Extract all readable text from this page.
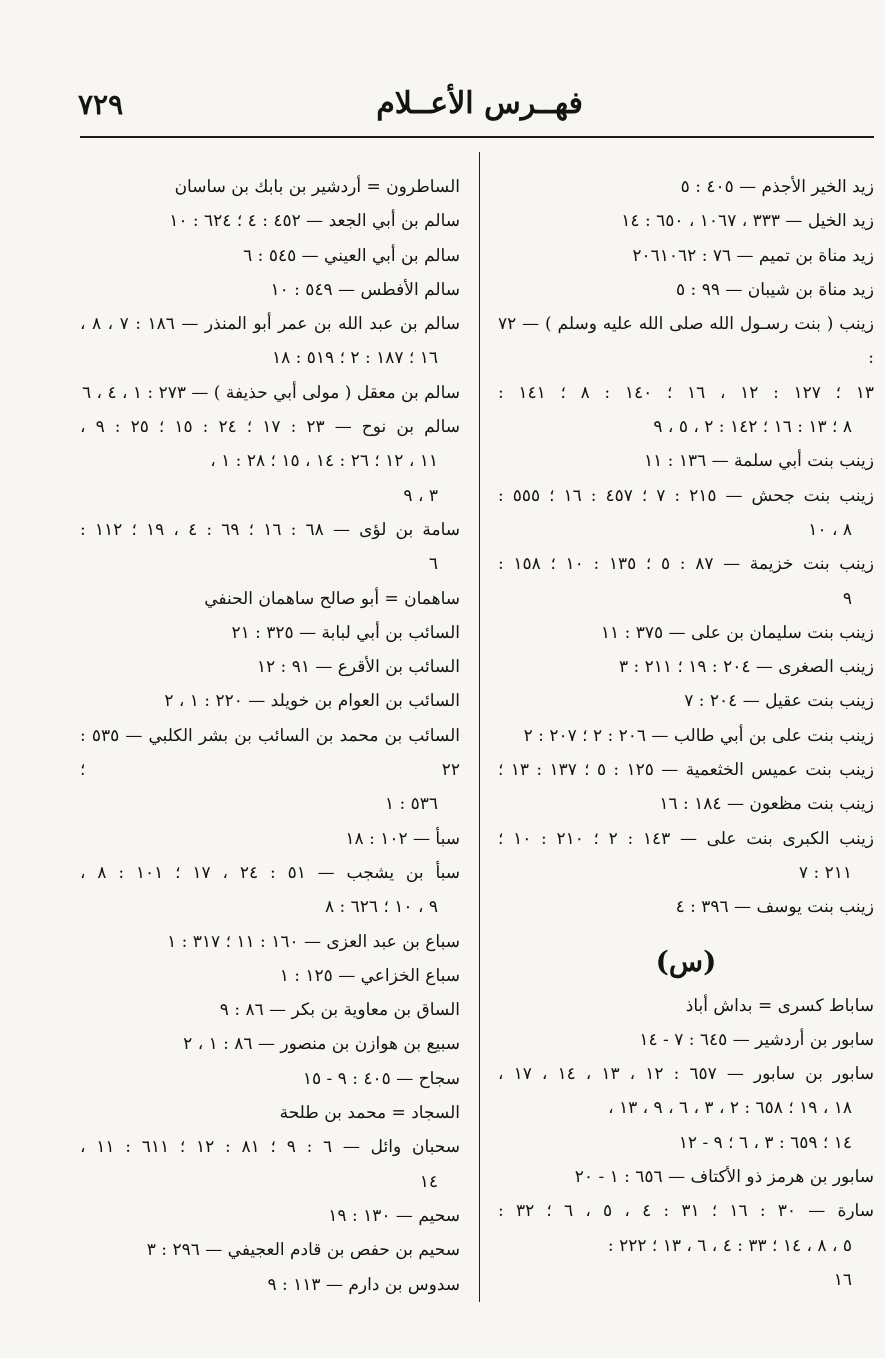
فهــرس الأعــلام
٧٢٩
زيد الخير الأجذم — ٤٠٥ : ٥
زيد الخيل — ٣٣٣ ، ١٠٦٧ ، ٦٥٠ : ١٤
زيد مناة بن تميم — ٧٦ : ٢٠٦١٠٦٢
زيد مناة بن شيبان — ٩٩ : ٥
زينب ( بنت رسـول الله صلى الله عليه وسلم ) — ٧٢ :
١٣ ؛ ١٢٧ : ١٢ ، ١٦ ؛ ١٤٠ : ٨ ؛ ١٤١ :
٨ ؛ ١٣ : ١٦ ؛ ١٤٢ : ٢ ، ٥ ، ٩
زينب بنت أبي سلمة — ١٣٦ : ١١
زينب بنت جحش — ٢١٥ : ٧ ؛ ٤٥٧ : ١٦ ؛ ٥٥٥ :
٨ ، ١٠
زينب بنت خزيمة — ٨٧ : ٥ ؛ ١٣٥ : ١٠ ؛ ١٥٨ :
٩
زينب بنت سليمان بن على — ٣٧٥ : ١١
زينب الصغرى — ٢٠٤ : ١٩ ؛ ٢١١ : ٣
زينب بنت عقيل — ٢٠٤ : ٧
زينب بنت على بن أبي طالب — ٢٠٦ : ٢ ؛ ٢٠٧ : ٢
زينب بنت عميس الخثعمية — ١٢٥ : ٥ ؛ ١٣٧ : ١٣ ؛
زينب بنت مظعون — ١٨٤ : ١٦
زينب الكبرى بنت على — ١٤٣ : ٢ ؛ ٢١٠ : ١٠ ؛
٢١١ : ٧
زينب بنت يوسف — ٣٩٦ : ٤
(س)
ساباط كسرى = بداش أباذ
سابور بن أردشير — ٦٤٥ : ٧ - ١٤
سابور بن سابور — ٦٥٧ : ١٢ ، ١٣ ، ١٤ ، ١٧ ،
١٨ ، ١٩ ؛ ٦٥٨ : ٢ ، ٣ ، ٦ ، ٩ ، ١٣ ،
١٤ ؛ ٦٥٩ : ٣ ، ٦ ؛ ٩ - ١٢
سابور بن هرمز ذو الأكتاف — ٦٥٦ : ١ - ٢٠
سارة — ٣٠ : ١٦ ؛ ٣١ : ٤ ، ٥ ، ٦ ؛ ٣٢ :
٥ ، ٨ ، ١٤ ؛ ٣٣ : ٤ ، ٦ ، ١٣ ؛ ٢٢٢ :
١٦
الساطرون = أردشير بن بابك بن ساسان
سالم بن أبي الجعد — ٤٥٢ : ٤ ؛ ٦٢٤ : ١٠
سالم بن أبي العيني — ٥٤٥ : ٦
سالم الأفطس — ٥٤٩ : ١٠
سالم بن عبد الله بن عمر أبو المنذر — ١٨٦ : ٧ ، ٨ ،
١٦ ؛ ١٨٧ : ٢ ؛ ٥١٩ : ١٨
سالم بن معقل ( مولى أبي حذيفة ) — ٢٧٣ : ١ ، ٤ ، ٦
سالم بن نوح — ٢٣ : ١٧ ؛ ٢٤ : ١٥ ؛ ٢٥ : ٩ ،
١١ ، ١٢ ؛ ٢٦ : ١٤ ، ١٥ ؛ ٢٨ : ١ ،
٣ ، ٩
سامة بن لؤى — ٦٨ : ١٦ ؛ ٦٩ : ٤ ، ١٩ ؛ ١١٢ :
٦
ساهمان = أبو صالح ساهمان الحنفي
السائب بن أبي لبابة — ٣٢٥ : ٢١
السائب بن الأقرع — ٩١ : ١٢
السائب بن العوام بن خويلد — ٢٢٠ : ١ ، ٢
السائب بن محمد بن السائب بن بشر الكلبي — ٥٣٥ : ٢٢ ؛
٥٣٦ : ١
سبأ — ١٠٢ : ١٨
سبأ بن يشجب — ٥١ : ٢٤ ، ١٧ ؛ ١٠١ : ٨ ،
٩ ، ١٠ ؛ ٦٢٦ : ٨
سباع بن عبد العزى — ١٦٠ : ١١ ؛ ٣١٧ : ١
سباع الخزاعي — ١٢٥ : ١
الساق بن معاوية بن بكر — ٨٦ : ٩
سبيع بن هوازن بن منصور — ٨٦ : ١ ، ٢
سجاح — ٤٠٥ : ٩ - ١٥
السجاد = محمد بن طلحة
سحبان وائل — ٦ : ٩ ؛ ٨١ : ١٢ ؛ ٦١١ : ١١ ،
١٤
سحيم — ١٣٠ : ١٩
سحيم بن حفص بن قادم العجيفي — ٢٩٦ : ٣
سدوس بن دارم — ١١٣ : ٩
